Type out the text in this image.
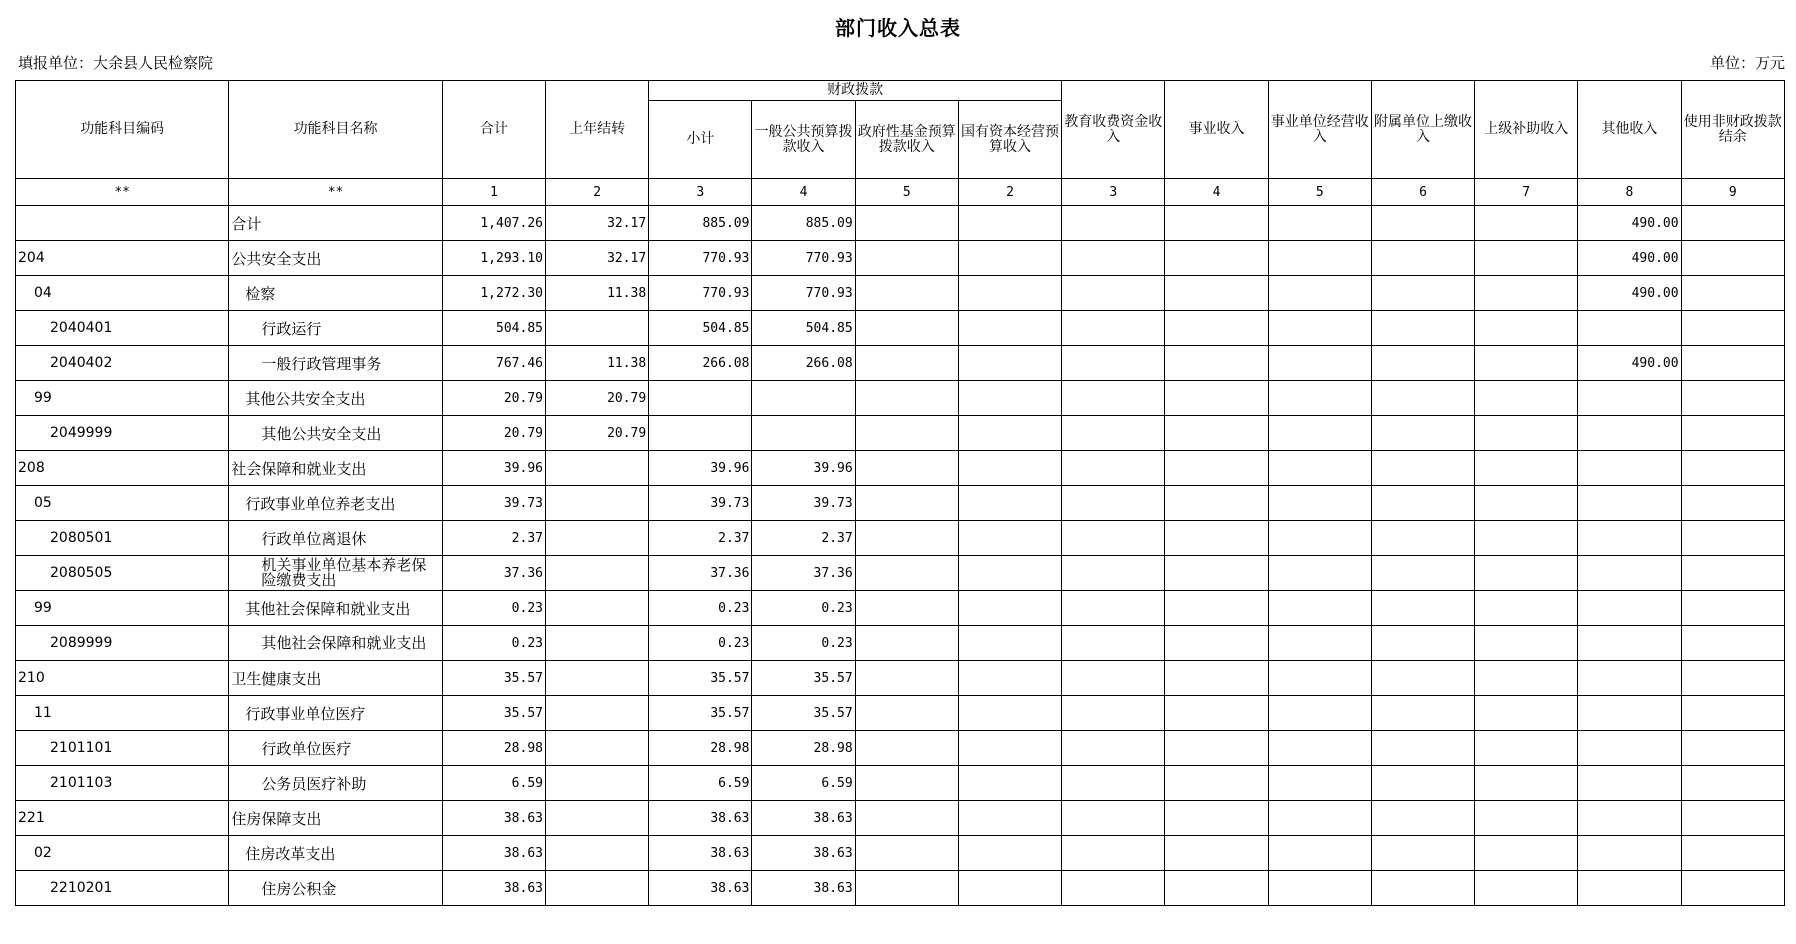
部门收入总表
填报单位：大余县人民检察院	单位：万元
功能科目编码	功能科目名称	合计	上年结转	财政拨款				教育收费资金收入	事业收入	事业单位经营收入	附属单位上缴收入	上级补助收入	其他收入	使用非财政拨款结余
				小计	一般公共预算拨款收入	政府性基金预算拨款收入	国有资本经营预算收入							
**	**	1	2	3	4	5	2	3	4	5	6	7	8	9
	合计	1,407.26	32.17	885.09	885.09								490.00	
204	公共安全支出	1,293.10	32.17	770.93	770.93								490.00	
04	检察	1,272.30	11.38	770.93	770.93								490.00	
2040401	行政运行	504.85		504.85	504.85									
2040402	一般行政管理事务	767.46	11.38	266.08	266.08								490.00	
99	其他公共安全支出	20.79	20.79											
2049999	其他公共安全支出	20.79	20.79											
208	社会保障和就业支出	39.96		39.96	39.96									
05	行政事业单位养老支出	39.73		39.73	39.73									
2080501	行政单位离退休	2.37		2.37	2.37									
2080505	机关事业单位基本养老保险缴费支出	37.36		37.36	37.36									
99	其他社会保障和就业支出	0.23		0.23	0.23									
2089999	其他社会保障和就业支出	0.23		0.23	0.23									
210	卫生健康支出	35.57		35.57	35.57									
11	行政事业单位医疗	35.57		35.57	35.57									
2101101	行政单位医疗	28.98		28.98	28.98									
2101103	公务员医疗补助	6.59		6.59	6.59									
221	住房保障支出	38.63		38.63	38.63									
02	住房改革支出	38.63		38.63	38.63									
2210201	住房公积金	38.63		38.63	38.63									
